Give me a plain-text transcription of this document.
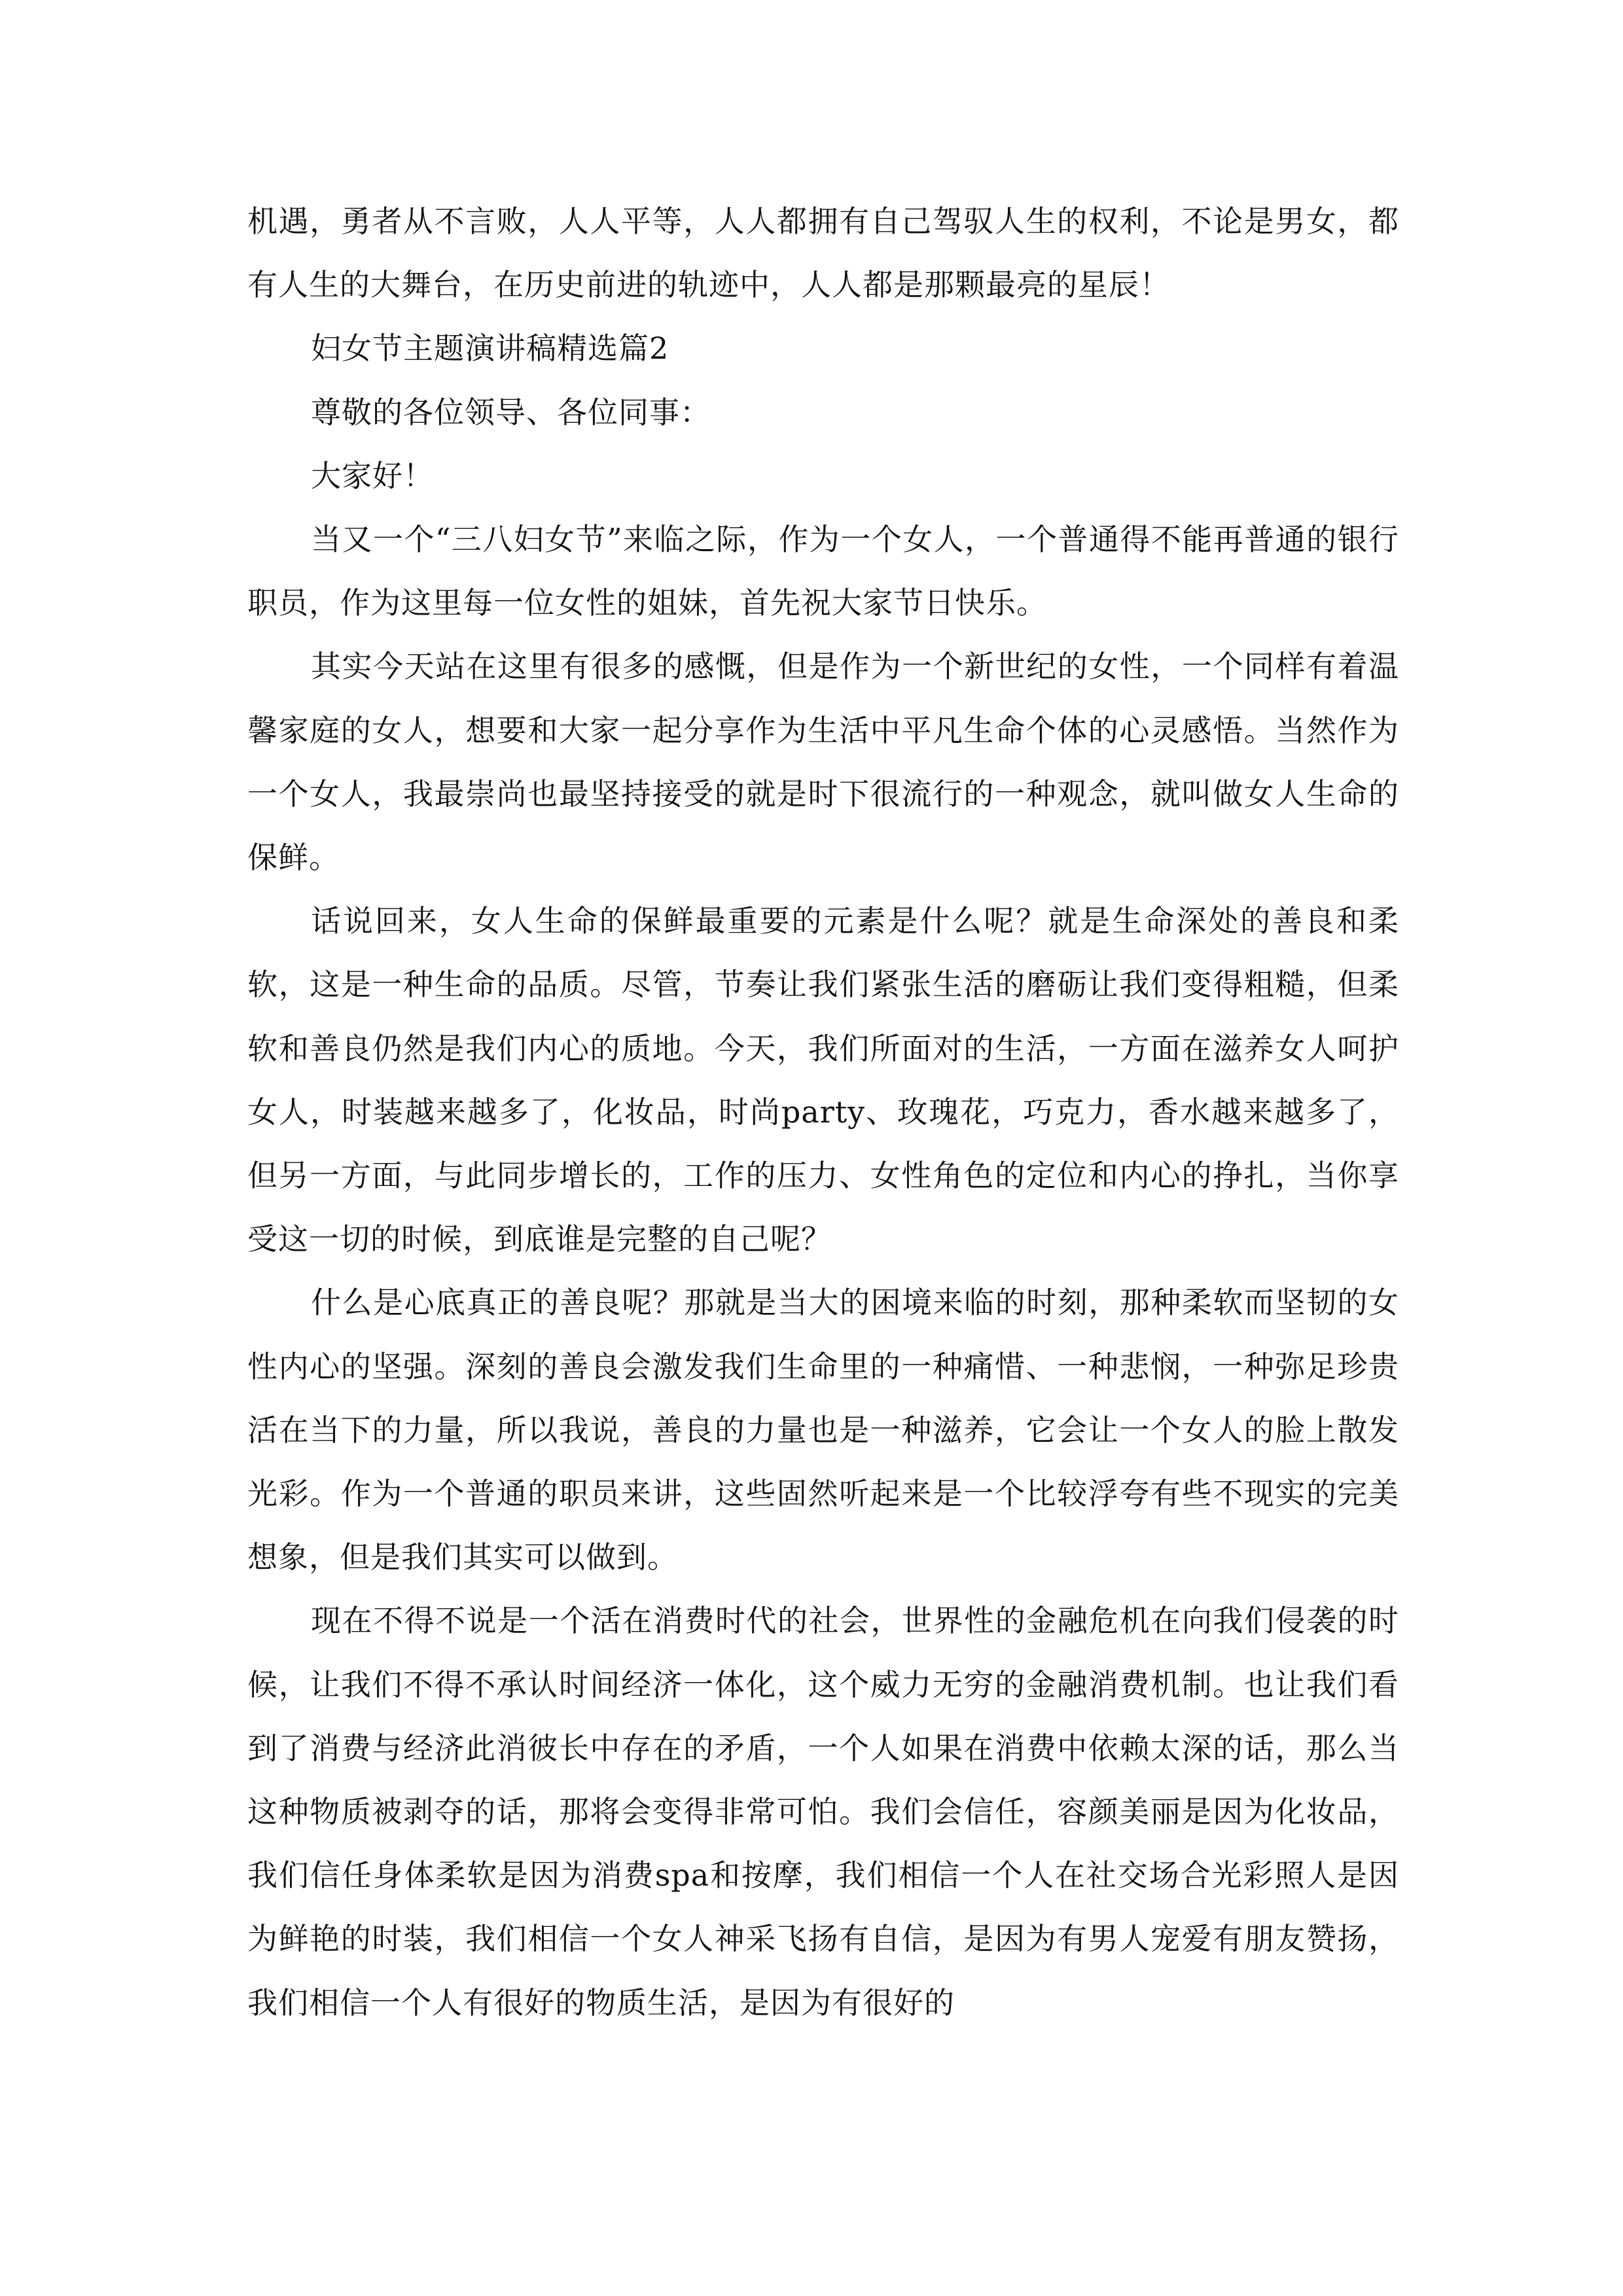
机遇，勇者从不言败，人人平等，人人都拥有自己驾驭人生的权利，不论是男女，都有人生的大舞台，在历史前进的轨迹中，人人都是那颗最亮的星辰！

妇女节主题演讲稿精选篇2

尊敬的各位领导、各位同事：

大家好！

当又一个“三八妇女节”来临之际，作为一个女人，一个普通得不能再普通的银行职员，作为这里每一位女性的姐妹，首先祝大家节日快乐。

其实今天站在这里有很多的感慨，但是作为一个新世纪的女性，一个同样有着温馨家庭的女人，想要和大家一起分享作为生活中平凡生命个体的心灵感悟。当然作为一个女人，我最崇尚也最坚持接受的就是时下很流行的一种观念，就叫做女人生命的保鲜。

话说回来，女人生命的保鲜最重要的元素是什么呢？就是生命深处的善良和柔软，这是一种生命的品质。尽管，节奏让我们紧张生活的磨砺让我们变得粗糙，但柔软和善良仍然是我们内心的质地。今天，我们所面对的生活，一方面在滋养女人呵护女人，时装越来越多了，化妆品，时尚party、玫瑰花，巧克力，香水越来越多了，但另一方面，与此同步增长的，工作的压力、女性角色的定位和内心的挣扎，当你享受这一切的时候，到底谁是完整的自己呢？

什么是心底真正的善良呢？那就是当大的困境来临的时刻，那种柔软而坚韧的女性内心的坚强。深刻的善良会激发我们生命里的一种痛惜、一种悲悯，一种弥足珍贵活在当下的力量，所以我说，善良的力量也是一种滋养，它会让一个女人的脸上散发光彩。作为一个普通的职员来讲，这些固然听起来是一个比较浮夸有些不现实的完美想象，但是我们其实可以做到。

现在不得不说是一个活在消费时代的社会，世界性的金融危机在向我们侵袭的时候，让我们不得不承认时间经济一体化，这个威力无穷的金融消费机制。也让我们看到了消费与经济此消彼长中存在的矛盾，一个人如果在消费中依赖太深的话，那么当这种物质被剥夺的话，那将会变得非常可怕。我们会信任，容颜美丽是因为化妆品，我们信任身体柔软是因为消费spa和按摩，我们相信一个人在社交场合光彩照人是因为鲜艳的时装，我们相信一个女人神采飞扬有自信，是因为有男人宠爱有朋友赞扬，我们相信一个人有很好的物质生活，是因为有很好的
